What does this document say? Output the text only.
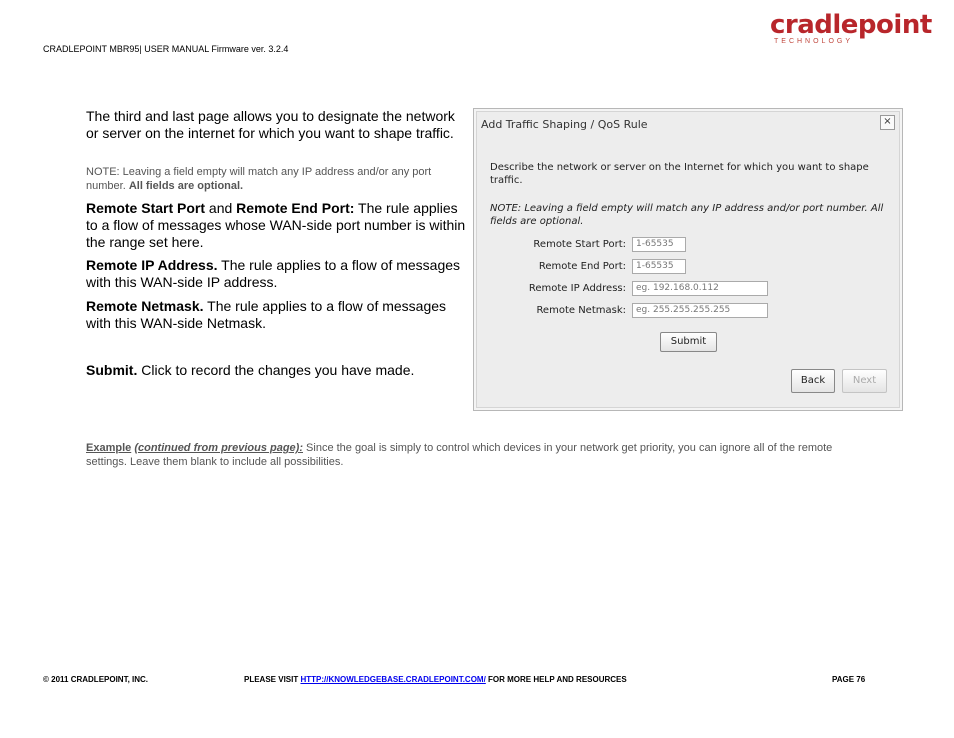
CRADLEPOINT MBR95| USER MANUAL Firmware ver. 3.2.4
cradlepoint
TECHNOLOGY

The third and last page allows you to designate the network or server on the internet for which you want to shape traffic.

NOTE: Leaving a field empty will match any IP address and/or any port number. All fields are optional.

Remote Start Port and Remote End Port: The rule applies to a flow of messages whose WAN-side port number is within the range set here.

Remote IP Address. The rule applies to a flow of messages with this WAN-side IP address.

Remote Netmask. The rule applies to a flow of messages with this WAN-side Netmask.

Submit. Click to record the changes you have made.

Add Traffic Shaping / QoS Rule	×
Describe the network or server on the Internet for which you want to shape traffic.
NOTE: Leaving a field empty will match any IP address and/or port number. All fields are optional.
Remote Start Port:	1-65535
Remote End Port:	1-65535
Remote IP Address:	eg. 192.168.0.112
Remote Netmask:	eg. 255.255.255.255
Submit
Back	Next
Example (continued from previous page): Since the goal is simply to control which devices in your network get priority, you can ignore all of the remote settings. Leave them blank to include all possibilities.
© 2011 CRADLEPOINT, INC.	PLEASE VISIT HTTP://KNOWLEDGEBASE.CRADLEPOINT.COM/ FOR MORE HELP AND RESOURCES	PAGE 76
